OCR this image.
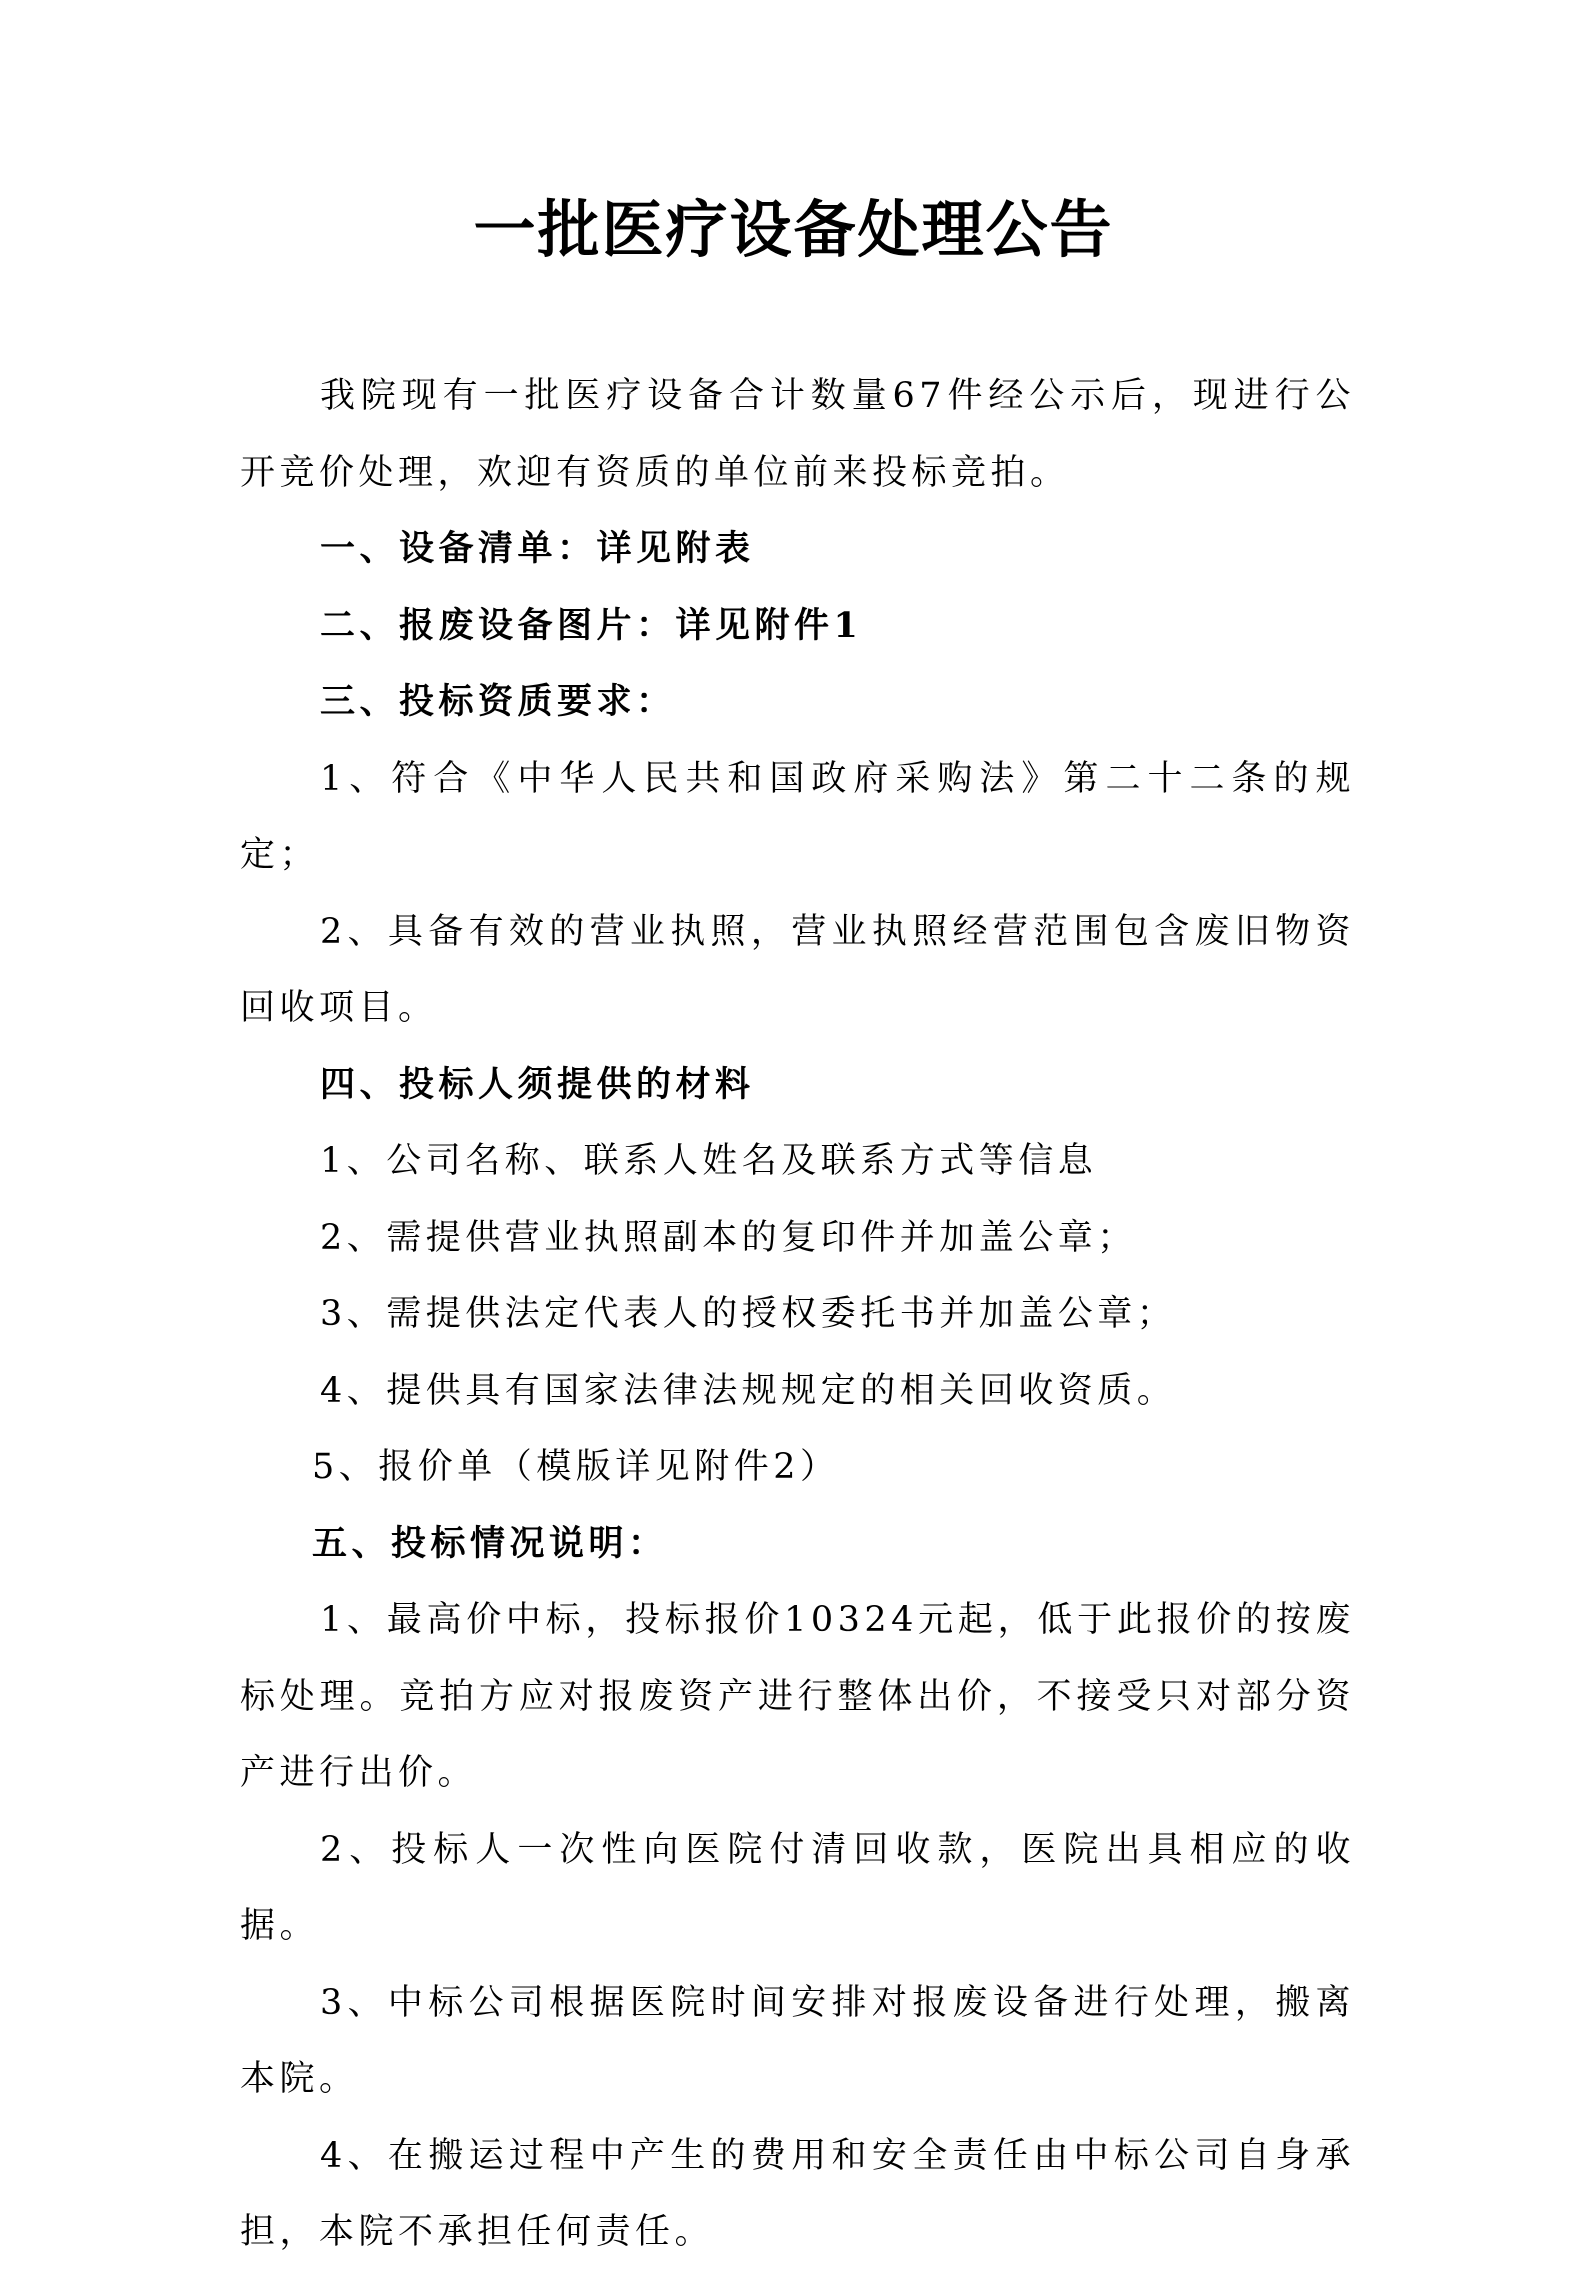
一批医疗设备处理公告

我院现有一批医疗设备合计数量67件经公示后，现进行公开竞价处理，欢迎有资质的单位前来投标竞拍。

一、设备清单：详见附表

二、报废设备图片：详见附件1

三、投标资质要求：

1、符合《中华人民共和国政府采购法》第二十二条的规定；

2、具备有效的营业执照，营业执照经营范围包含废旧物资回收项目。

四、投标人须提供的材料

1、公司名称、联系人姓名及联系方式等信息

2、需提供营业执照副本的复印件并加盖公章；

3、需提供法定代表人的授权委托书并加盖公章；

4、提供具有国家法律法规规定的相关回收资质。

5、报价单（模版详见附件2）

五、投标情况说明：

1、最高价中标，投标报价10324元起，低于此报价的按废标处理。竞拍方应对报废资产进行整体出价，不接受只对部分资产进行出价。

2、投标人一次性向医院付清回收款，医院出具相应的收据。

3、中标公司根据医院时间安排对报废设备进行处理，搬离本院。

4、在搬运过程中产生的费用和安全责任由中标公司自身承担，本院不承担任何责任。
